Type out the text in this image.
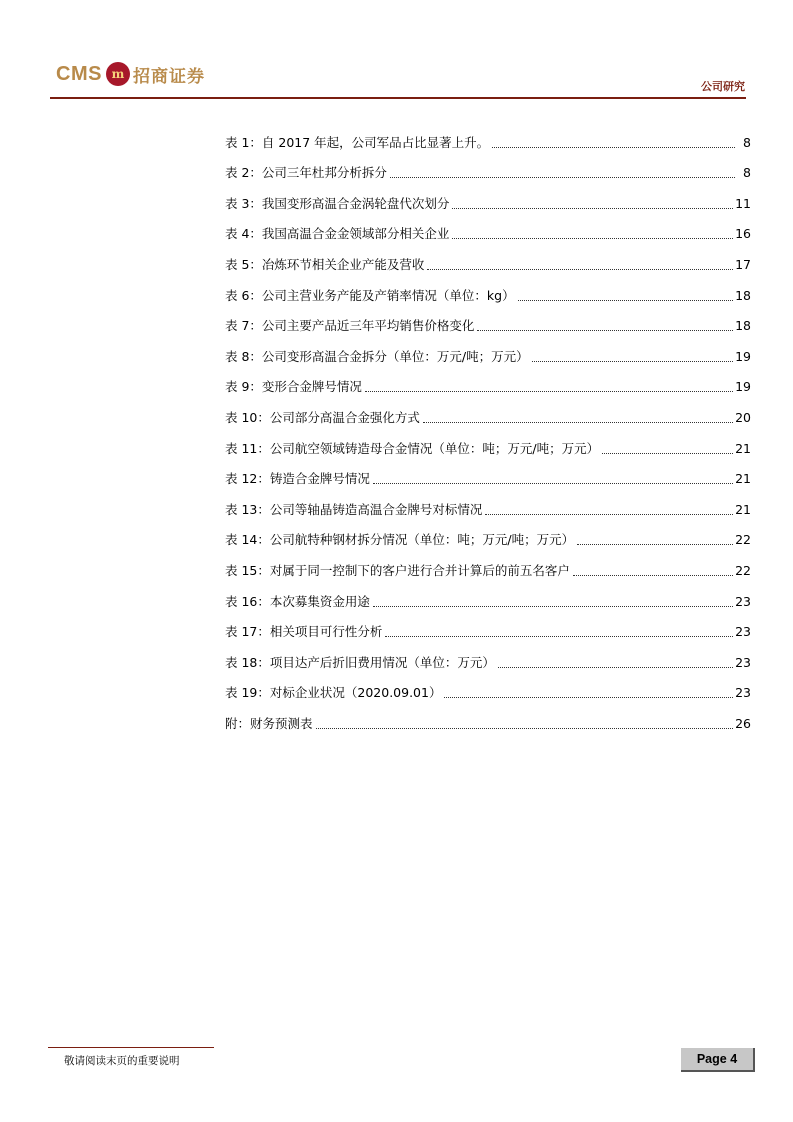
CMS m 招商证券	公司研究
表 1：自 2017 年起，公司军品占比显著上升。	8
表 2：公司三年杜邦分析拆分	8
表 3：我国变形高温合金涡轮盘代次划分	11
表 4：我国高温合金金领域部分相关企业	16
表 5：冶炼环节相关企业产能及营收	17
表 6：公司主营业务产能及产销率情况（单位：kg）	18
表 7：公司主要产品近三年平均销售价格变化	18
表 8：公司变形高温合金拆分（单位：万元/吨；万元）	19
表 9：变形合金牌号情况	19
表 10：公司部分高温合金强化方式	20
表 11：公司航空领域铸造母合金情况（单位：吨；万元/吨；万元）	21
表 12：铸造合金牌号情况	21
表 13：公司等轴晶铸造高温合金牌号对标情况	21
表 14：公司航特种钢材拆分情况（单位：吨；万元/吨；万元）	22
表 15：对属于同一控制下的客户进行合并计算后的前五名客户	22
表 16：本次募集资金用途	23
表 17：相关项目可行性分析	23
表 18：项目达产后折旧费用情况（单位：万元）	23
表 19：对标企业状况（2020.09.01）	23
附：财务预测表	26
敬请阅读末页的重要说明	Page 4
